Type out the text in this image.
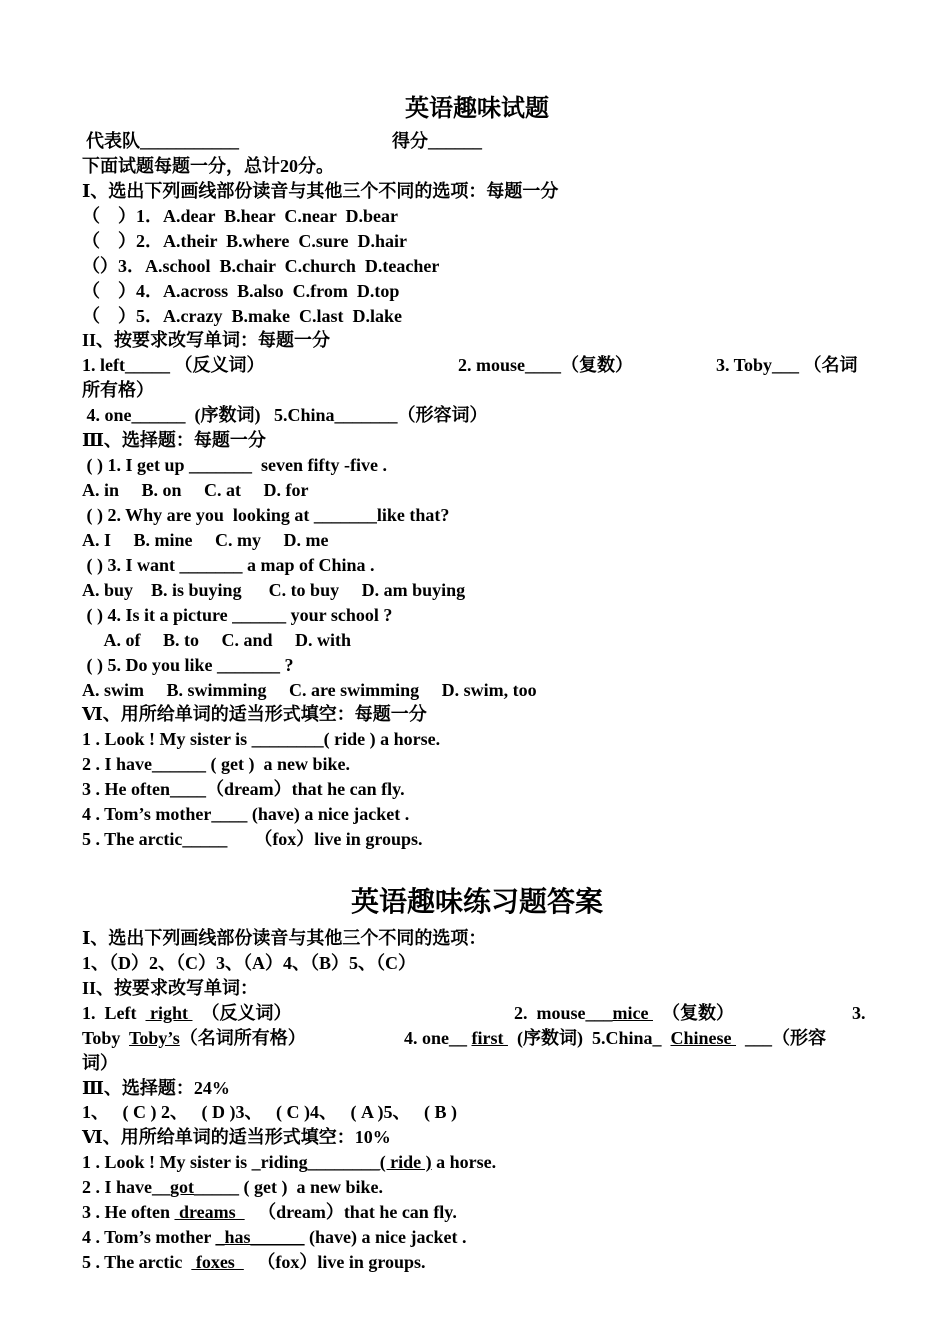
英语趣味试题
代表队___________	得分______
下面试题每题一分，总计20分。
Ⅰ、选出下列画线部份读音与其他三个不同的选项：每题一分
（　）1．A.dear  B.hear  C.near  D.bear
（　）2．A.their  B.where  C.sure  D.hair
（）3．A.school  B.chair  C.church  D.teacher
（　）4．A.across  B.also  C.from  D.top
（　）5．A.crazy  B.make  C.last  D.lake
II、按要求改写单词：每题一分
1. left_____ （反义词）	2. mouse____（复数）	3. Toby___ （名词
所有格）
4. one______  (序数词)   5.China_______（形容词）
Ⅲ、选择题：每题一分
( ) 1. I get up _______  seven fifty -five .
A. in     B. on     C. at     D. for
( ) 2. Why are you  looking at _______like that?
A. I     B. mine     C. my     D. me
( ) 3. I want _______ a map of China .
A. buy    B. is buying      C. to buy     D. am buying
( ) 4. Is it a picture ______ your school ?
A. of     B. to     C. and     D. with
( ) 5. Do you like _______ ?
A. swim     B. swimming     C. are swimming     D. swim, too
Ⅵ、用所给单词的适当形式填空：每题一分
1 . Look ! My sister is ________( ride ) a horse.
2 . I have______ ( get )  a new bike.
3 . He often____（dream）that he can fly.
4 . Tom’s mother____ (have) a nice jacket .
5 . The arctic_____      （fox）live in groups.
英语趣味练习题答案
Ⅰ、选出下列画线部份读音与其他三个不同的选项：
1、（D）2、（C）3、（A）4、（B）5、（C）
II、按要求改写单词：
1.  Left   right   （反义词）	2.  mouse___mice   （复数）	3.
Toby  Toby’s（名词所有格）	4. one__ first   (序数词)  5.China_  Chinese   ___（形容
词）
Ⅲ、选择题：24%
1、   ( C ) 2、   ( D )3、   ( C )4、   ( A )5、   ( B )
Ⅵ、用所给单词的适当形式填空：10%
1 . Look ! My sister is _riding________( ride ) a horse.
2 . I have__got_____ ( get )  a new bike.
3 . He often  dreams     （dream）that he can fly.
4 . Tom’s mother _has______ (have) a nice jacket .
5 . The arctic   foxes     （fox）live in groups.
